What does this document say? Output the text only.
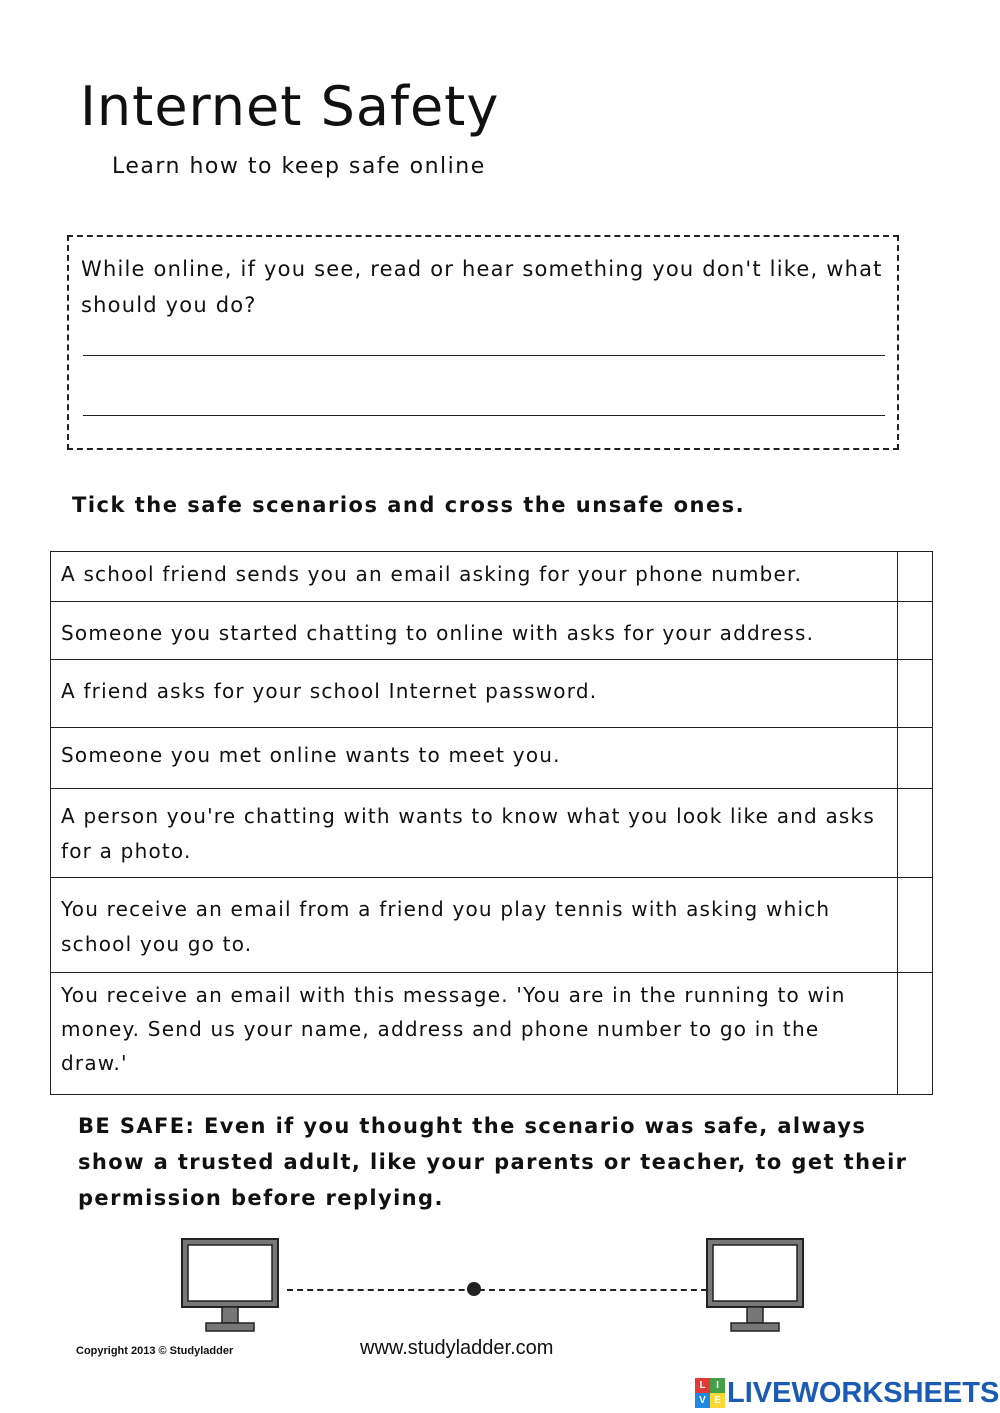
Internet Safety
Learn how to keep safe online
While online, if you see, read or hear something you don't like, what should you do?
Tick the safe scenarios and cross the unsafe ones.
A school friend sends you an email asking for your phone number.	

Someone you started chatting to online with asks for your address.	

A friend asks for your school Internet password.	

Someone you met online wants to meet you.	

A person you're chatting with wants to know what you look like and asks for a photo.	

You receive an email from a friend you play tennis with asking which school you go to.	

You receive an email with this message. 'You are in the running to win money. Send us your name, address and phone number to go in the draw.'	

BE SAFE: Even if you thought the scenario was safe, always show a trusted adult, like your parents or teacher, to get their permission before replying.
Copyright 2013 © Studyladder	www.studyladder.com
L	I
V E LIVEWORKSHEETS
